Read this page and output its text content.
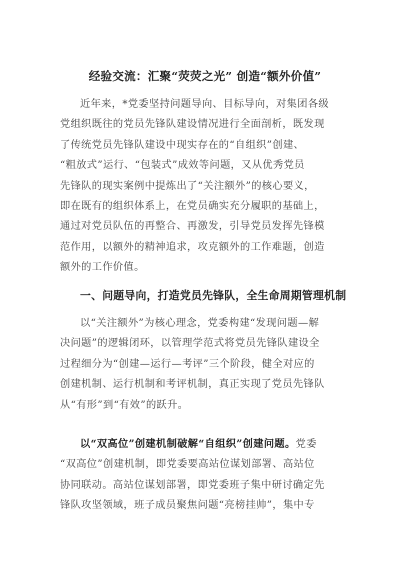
经验交流：汇聚“荧荧之光” 创造“额外价值”
近年来，*党委坚持问题导向、目标导向，对集团各级
党组织既往的党员先锋队建设情况进行全面剖析，既发现
了传统党员先锋队建设中现实存在的“自组织”创建、
“粗放式”运行、“包装式”成效等问题，又从优秀党员
先锋队的现实案例中提炼出了“关注额外”的核心要义，
即在既有的组织体系上，在党员确实充分履职的基础上，
通过对党员队伍的再整合、再激发，引导党员发挥先锋模
范作用，以额外的精神追求，攻克额外的工作难题，创造
额外的工作价值。
一、问题导向，打造党员先锋队，全生命周期管理机制
以“关注额外”为核心理念，党委构建“发现问题—解
决问题”的逻辑闭环，以管理学范式将党员先锋队建设全
过程细分为“创建—运行—考评”三个阶段，健全对应的
创建机制、运行机制和考评机制，真正实现了党员先锋队
从“有形”到“有效”的跃升。
以“双高位”创建机制破解“自组织”创建问题。党委
“双高位”创建机制，即党委要高站位谋划部署、高站位
协同联动。高站位谋划部署，即党委班子集中研讨确定先
锋队攻坚领域，班子成员聚焦问题“亮榜挂帅”，集中专
